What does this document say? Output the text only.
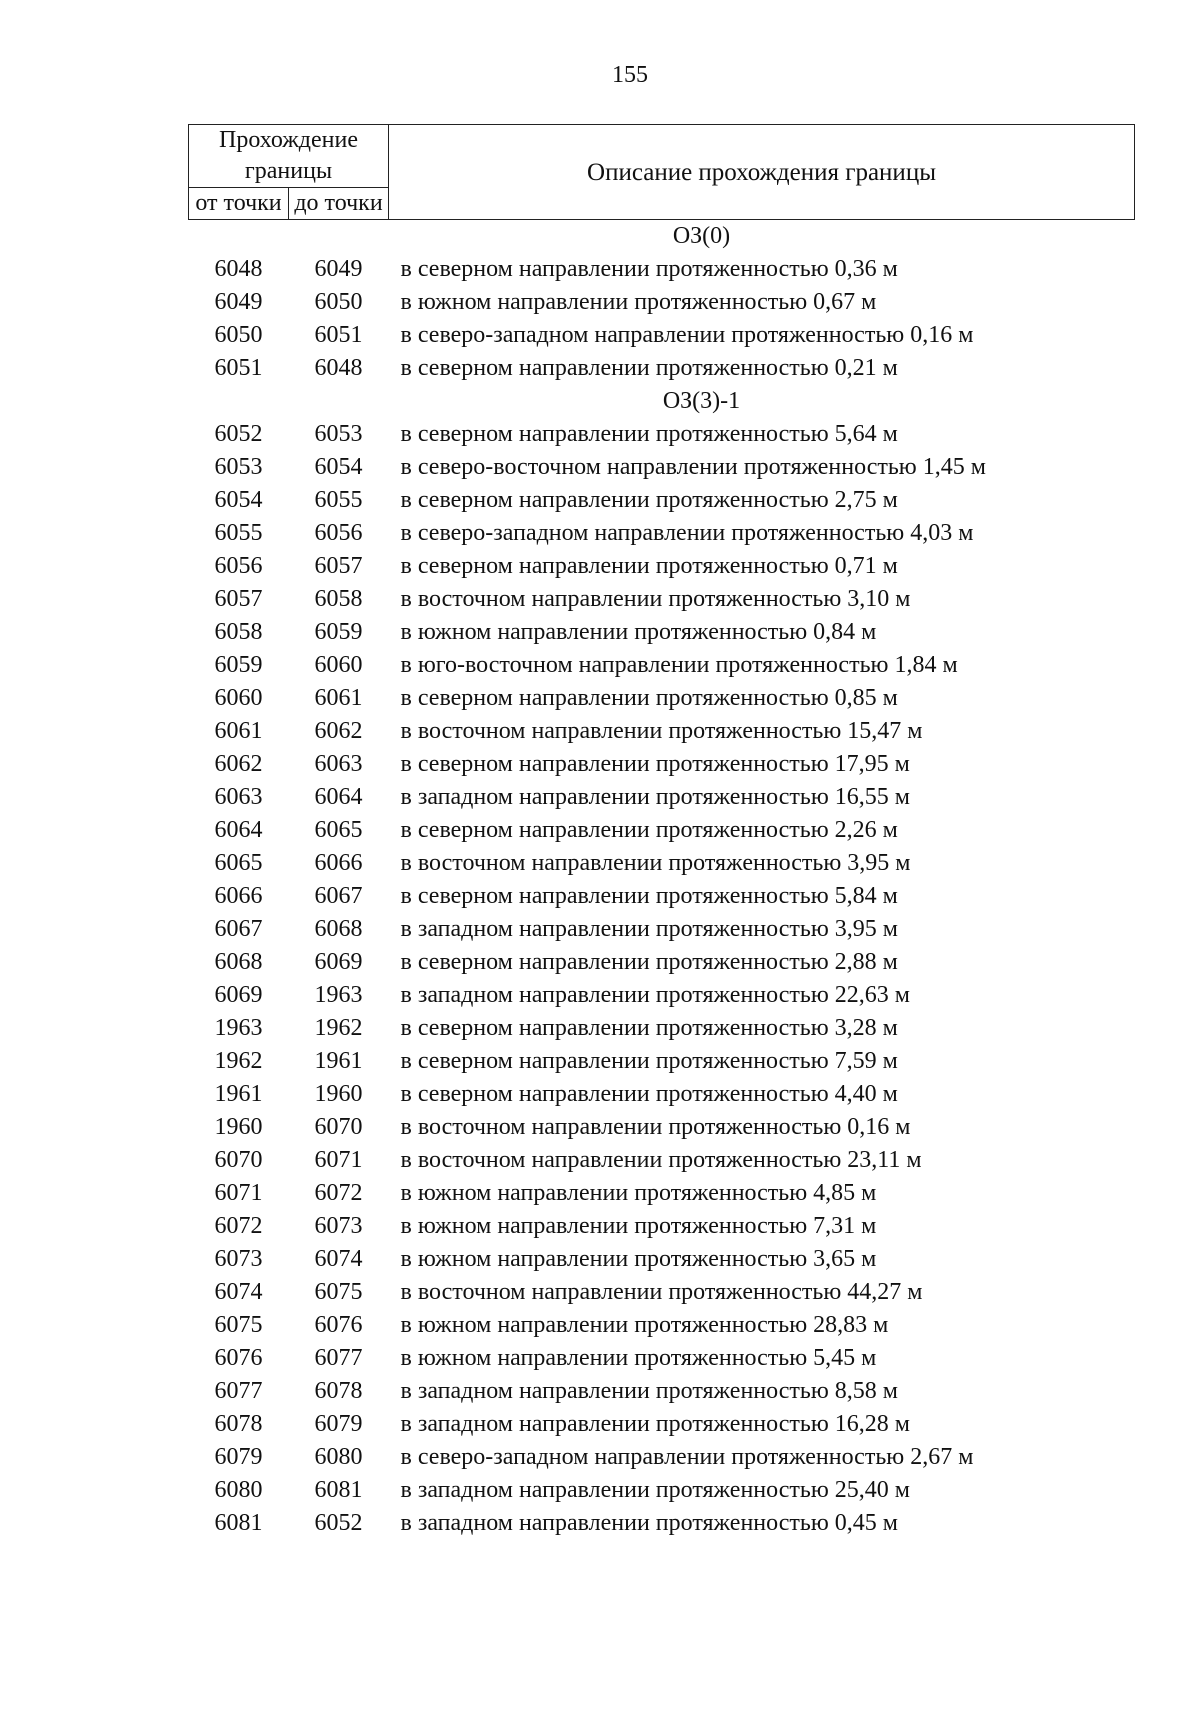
155
Прохождение границы		Описание прохождения границы
от точки	до точки	
ОЗ(0)		
6048	6049	в северном направлении протяженностью 0,36 м
6049	6050	в южном направлении протяженностью 0,67 м
6050	6051	в северо-западном направлении протяженностью 0,16 м
6051	6048	в северном направлении протяженностью 0,21 м
ОЗ(3)-1		
6052	6053	в северном направлении протяженностью 5,64 м
6053	6054	в северо-восточном направлении протяженностью 1,45 м
6054	6055	в северном направлении протяженностью 2,75 м
6055	6056	в северо-западном направлении протяженностью 4,03 м
6056	6057	в северном направлении протяженностью 0,71 м
6057	6058	в восточном направлении протяженностью 3,10 м
6058	6059	в южном направлении протяженностью 0,84 м
6059	6060	в юго-восточном направлении протяженностью 1,84 м
6060	6061	в северном направлении протяженностью 0,85 м
6061	6062	в восточном направлении протяженностью 15,47 м
6062	6063	в северном направлении протяженностью 17,95 м
6063	6064	в западном направлении протяженностью 16,55 м
6064	6065	в северном направлении протяженностью 2,26 м
6065	6066	в восточном направлении протяженностью 3,95 м
6066	6067	в северном направлении протяженностью 5,84 м
6067	6068	в западном направлении протяженностью 3,95 м
6068	6069	в северном направлении протяженностью 2,88 м
6069	1963	в западном направлении протяженностью 22,63 м
1963	1962	в северном направлении протяженностью 3,28 м
1962	1961	в северном направлении протяженностью 7,59 м
1961	1960	в северном направлении протяженностью 4,40 м
1960	6070	в восточном направлении протяженностью 0,16 м
6070	6071	в восточном направлении протяженностью 23,11 м
6071	6072	в южном направлении протяженностью 4,85 м
6072	6073	в южном направлении протяженностью 7,31 м
6073	6074	в южном направлении протяженностью 3,65 м
6074	6075	в восточном направлении протяженностью 44,27 м
6075	6076	в южном направлении протяженностью 28,83 м
6076	6077	в южном направлении протяженностью 5,45 м
6077	6078	в западном направлении протяженностью 8,58 м
6078	6079	в западном направлении протяженностью 16,28 м
6079	6080	в северо-западном направлении протяженностью 2,67 м
6080	6081	в западном направлении протяженностью 25,40 м
6081	6052	в западном направлении протяженностью 0,45 м
